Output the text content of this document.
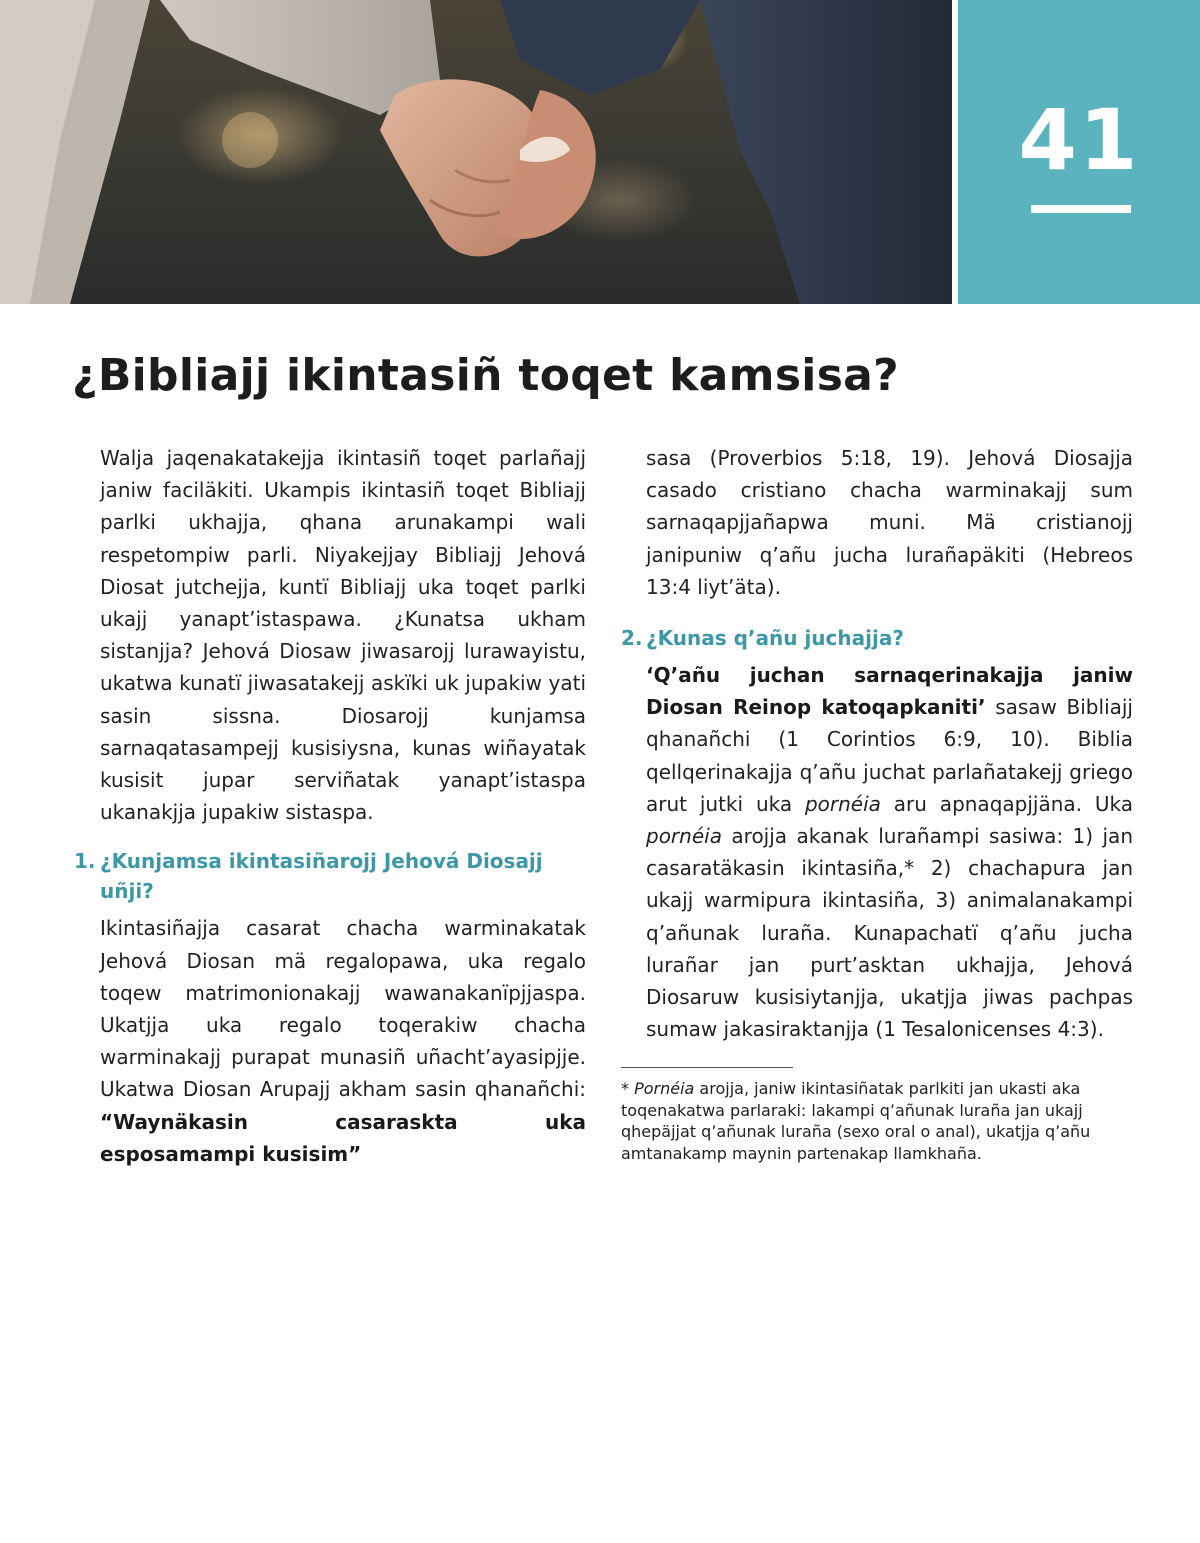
41
¿Bibliajj ikintasiñ toqet kamsisa?

Walja jaqenakatakejja ikintasiñ toqet parlañajj janiw faciläkiti. Ukampis ikintasiñ toqet Bibliajj parlki ukhajja, qhana arunakampi wali respetompiw parli. Niyakejjay Bibliajj Jehová Diosat jutchejja, kuntï Bibliajj uka toqet parlki ukajj yanapt’istaspawa. ¿Kunatsa ukham sistanjja? Jehová Diosaw jiwasarojj lurawayistu, ukatwa kunatï jiwasatakejj askïki uk jupakiw yati sasin sissna. Diosarojj kunjamsa sarnaqatasampejj kusisiysna, kunas wiñayatak kusisit jupar serviñatak yanapt’istaspa ukanakjja jupakiw sistaspa.

1. ¿Kunjamsa ikintasiñarojj Jehová Diosajj uñji?

Ikintasiñajja casarat chacha warminakatak Jehová Diosan mä regalopawa, uka regalo toqew matrimonionakajj wawanakanïpjjaspa. Ukatjja uka regalo toqerakiw chacha warminakajj purapat munasiñ uñacht’ayasipjje. Ukatwa Diosan Arupajj akham sasin qhanañchi: “Waynäkasin casaraskta uka esposamampi kusisim”

sasa (Proverbios 5:18, 19). Jehová Diosajja casado cristiano chacha warminakajj sum sarnaqapjjañapwa muni. Mä cristianojj janipuniw q’añu jucha lurañapäkiti (Hebreos 13:4 liyt’äta).

2. ¿Kunas q’añu juchajja?

‘Q’añu juchan sarnaqerinakajja janiw Diosan Reinop katoqapkaniti’ sasaw Bibliajj qhanañchi (1 Corintios 6:9, 10). Biblia qellqerinakajja q’añu juchat parlañatakejj griego arut jutki uka pornéia aru apnaqapjjäna. Uka pornéia arojja akanak lurañampi sasiwa: 1) jan casaratäkasin ikintasiña,* 2) chachapura jan ukajj warmipura ikintasiña, 3) animalanakampi q’añunak luraña. Kunapachatï q’añu jucha lurañar jan purt’asktan ukhajja, Jehová Diosaruw kusisiytanjja, ukatjja jiwas pachpas sumaw jakasiraktanjja (1 Tesalonicenses 4:3).

* Pornéia arojja, janiw ikintasiñatak parlkiti jan ukasti aka toqenakatwa parlaraki: lakampi q’añunak luraña jan ukajj qhepäjjat q’añunak luraña (sexo oral o anal), ukatjja q’añu amtanakamp maynin partenakap llamkhaña.
